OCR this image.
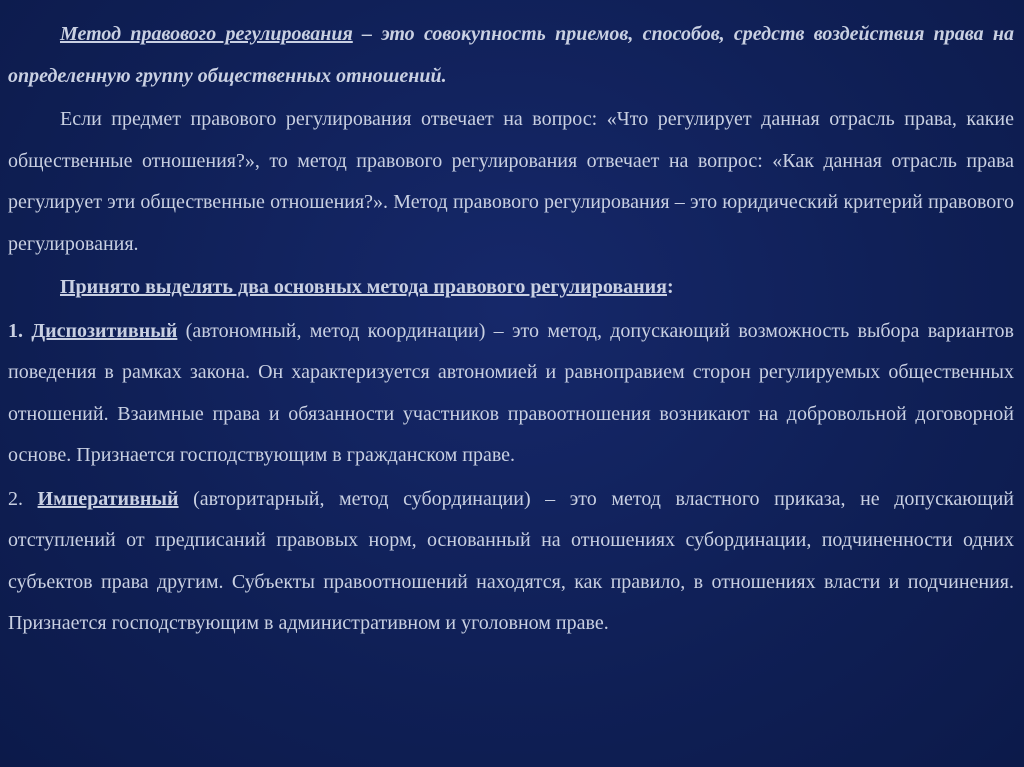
Метод правового регулирования – это совокупность приемов, способов, средств воздействия права на определенную группу общественных отношений.

Если предмет правового регулирования отвечает на вопрос: «Что регулирует данная отрасль права, какие общественные отношения?», то метод правового регулирования отвечает на вопрос: «Как данная отрасль права регулирует эти общественные отношения?». Метод правового регулирования – это юридический критерий правового регулирования.

Принято выделять два основных метода правового регулирования:

1. Диспозитивный (автономный, метод координации) – это метод, допускающий возможность выбора вариантов поведения в рамках закона. Он характеризуется автономией и равноправием сторон регулируемых общественных отношений. Взаимные права и обязанности участников правоотношения возникают на добровольной договорной основе. Признается господствующим в гражданском праве.

2. Императивный (авторитарный, метод субординации) – это метод властного приказа, не допускающий отступлений от предписаний правовых норм, основанный на отношениях субординации, подчиненности одних субъектов права другим. Субъекты правоотношений находятся, как правило, в отношениях власти и подчинения. Признается господствующим в административном и уголовном праве.
